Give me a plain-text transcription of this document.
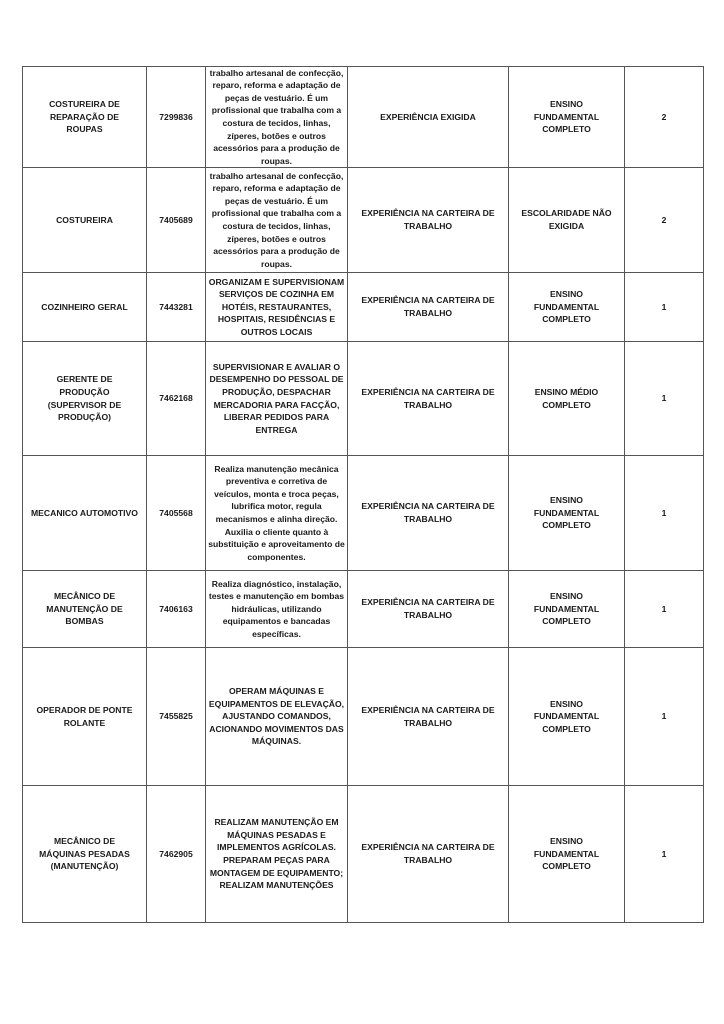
COSTUREIRA DE REPARAÇÃO DE ROUPAS	7299836	trabalho artesanal de confecção, reparo, reforma e adaptação de peças de vestuário. É um profissional que trabalha com a costura de tecidos, linhas, zíperes, botões e outros acessórios para a produção de roupas.	EXPERIÊNCIA EXIGIDA	ENSINO FUNDAMENTAL COMPLETO	2

COSTUREIRA	7405689	trabalho artesanal de confecção, reparo, reforma e adaptação de peças de vestuário. É um profissional que trabalha com a costura de tecidos, linhas, zíperes, botões e outros acessórios para a produção de roupas.	EXPERIÊNCIA NA CARTEIRA DE TRABALHO	ESCOLARIDADE NÃO EXIGIDA	2

COZINHEIRO GERAL	7443281	ORGANIZAM E SUPERVISIONAM SERVIÇOS DE COZINHA EM HOTÉIS, RESTAURANTES, HOSPITAIS, RESIDÊNCIAS E OUTROS LOCAIS	EXPERIÊNCIA NA CARTEIRA DE TRABALHO	ENSINO FUNDAMENTAL COMPLETO	1

GERENTE DE PRODUÇÃO (SUPERVISOR DE PRODUÇÃO)	7462168	SUPERVISIONAR E AVALIAR O DESEMPENHO DO PESSOAL DE PRODUÇÃO, DESPACHAR MERCADORIA PARA FACÇÃO, LIBERAR PEDIDOS PARA ENTREGA	EXPERIÊNCIA NA CARTEIRA DE TRABALHO	ENSINO MÉDIO COMPLETO	1

MECANICO AUTOMOTIVO	7405568	Realiza manutenção mecânica preventiva e corretiva de veículos, monta e troca peças, lubrifica motor, regula mecanismos e alinha direção. Auxilia o cliente quanto à substituição e aproveitamento de componentes.	EXPERIÊNCIA NA CARTEIRA DE TRABALHO	ENSINO FUNDAMENTAL COMPLETO	1

MECÂNICO DE MANUTENÇÃO DE BOMBAS	7406163	Realiza diagnóstico, instalação, testes e manutenção em bombas hidráulicas, utilizando equipamentos e bancadas específicas.	EXPERIÊNCIA NA CARTEIRA DE TRABALHO	ENSINO FUNDAMENTAL COMPLETO	1

OPERADOR DE PONTE ROLANTE	7455825	OPERAM MÁQUINAS E EQUIPAMENTOS DE ELEVAÇÃO, AJUSTANDO COMANDOS, ACIONANDO MOVIMENTOS DAS MÁQUINAS.	EXPERIÊNCIA NA CARTEIRA DE TRABALHO	ENSINO FUNDAMENTAL COMPLETO	1

MECÂNICO DE MÁQUINAS PESADAS (MANUTENÇÃO)	7462905	REALIZAM MANUTENÇÃO EM MÁQUINAS PESADAS E IMPLEMENTOS AGRÍCOLAS. PREPARAM PEÇAS PARA MONTAGEM DE EQUIPAMENTO; REALIZAM MANUTENÇÕES	EXPERIÊNCIA NA CARTEIRA DE TRABALHO	ENSINO FUNDAMENTAL COMPLETO	1
